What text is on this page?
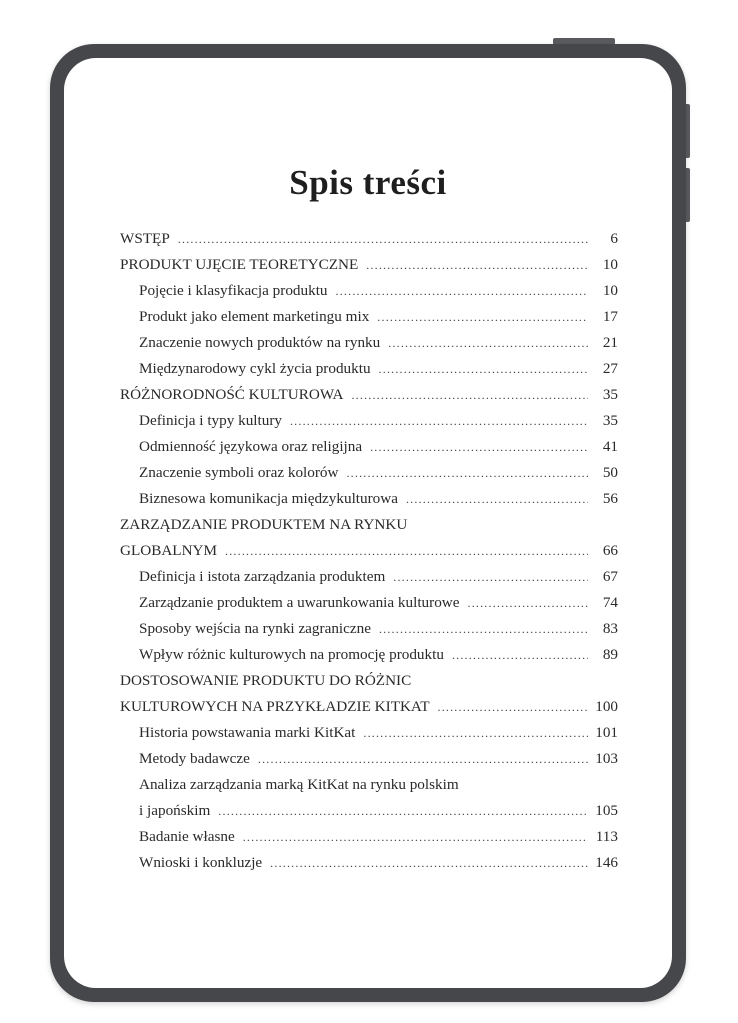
Spis treści
WSTĘP .....	6
PRODUKT UJĘCIE TEORETYCZNE .....	10
Pojęcie i klasyfikacja produktu .....	10
Produkt jako element marketingu mix .....	17
Znaczenie nowych produktów na rynku .....	21
Międzynarodowy cykl życia produktu .....	27
RÓŻNORODNOŚĆ KULTUROWA .....	35
Definicja i typy kultury .....	35
Odmienność językowa oraz religijna .....	41
Znaczenie symboli oraz kolorów .....	50
Biznesowa komunikacja międzykulturowa .....	56
ZARZĄDZANIE PRODUKTEM NA RYNKU
GLOBALNYM .....	66
Definicja i istota zarządzania produktem .....	67
Zarządzanie produktem a uwarunkowania kulturowe .....	74
Sposoby wejścia na rynki zagraniczne .....	83
Wpływ różnic kulturowych na promocję produktu .....	89
DOSTOSOWANIE PRODUKTU DO RÓŻNIC
KULTUROWYCH NA PRZYKŁADZIE KITKAT .....	100
Historia powstawania marki KitKat .....	101
Metody badawcze .....	103
Analiza zarządzania marką KitKat na rynku polskim
i japońskim .....	105
Badanie własne .....	113
Wnioski i konkluzje .....	146
